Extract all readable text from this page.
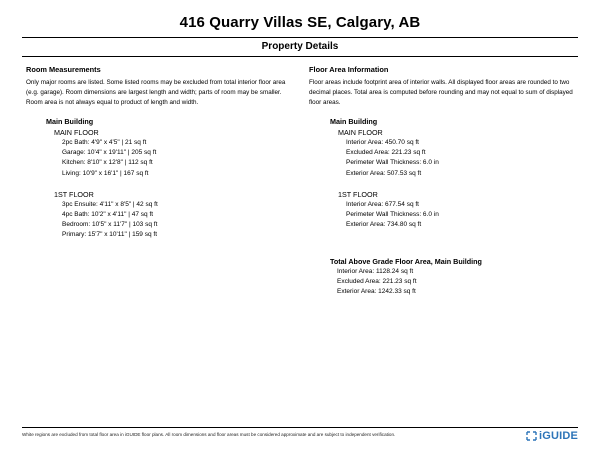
416 Quarry Villas SE, Calgary, AB
Property Details
Room Measurements
Only major rooms are listed. Some listed rooms may be excluded from total interior floor area
(e.g. garage). Room dimensions are largest length and width; parts of room may be smaller.
Room area is not always equal to product of length and width.
Main Building
MAIN FLOOR
2pc Bath: 4'9" x 4'5" | 21 sq ft
Garage: 10'4" x 19'11" | 205 sq ft
Kitchen: 8'10" x 12'8" | 112 sq ft
Living: 10'9" x 16'1" | 167 sq ft
1ST FLOOR
3pc Ensuite: 4'11" x 8'5" | 42 sq ft
4pc Bath: 10'2" x 4'11" | 47 sq ft
Bedroom: 10'5" x 11'7" | 103 sq ft
Primary: 15'7" x 10'11" | 159 sq ft
Floor Area Information
Floor areas include footprint area of interior walls. All displayed floor areas are rounded to two
decimal places. Total area is computed before rounding and may not equal to sum of displayed
floor areas.
Main Building
MAIN FLOOR
Interior Area: 450.70 sq ft
Excluded Area: 221.23 sq ft
Perimeter Wall Thickness: 6.0 in
Exterior Area: 507.53 sq ft
1ST FLOOR
Interior Area: 677.54 sq ft
Perimeter Wall Thickness: 6.0 in
Exterior Area: 734.80 sq ft
Total Above Grade Floor Area, Main Building
Interior Area: 1128.24 sq ft
Excluded Area: 221.23 sq ft
Exterior Area: 1242.33 sq ft
White regions are excluded from total floor area in iGUIDE floor plans. All room dimensions and floor areas must be considered approximate and are subject to independent verification.	iGUIDE
